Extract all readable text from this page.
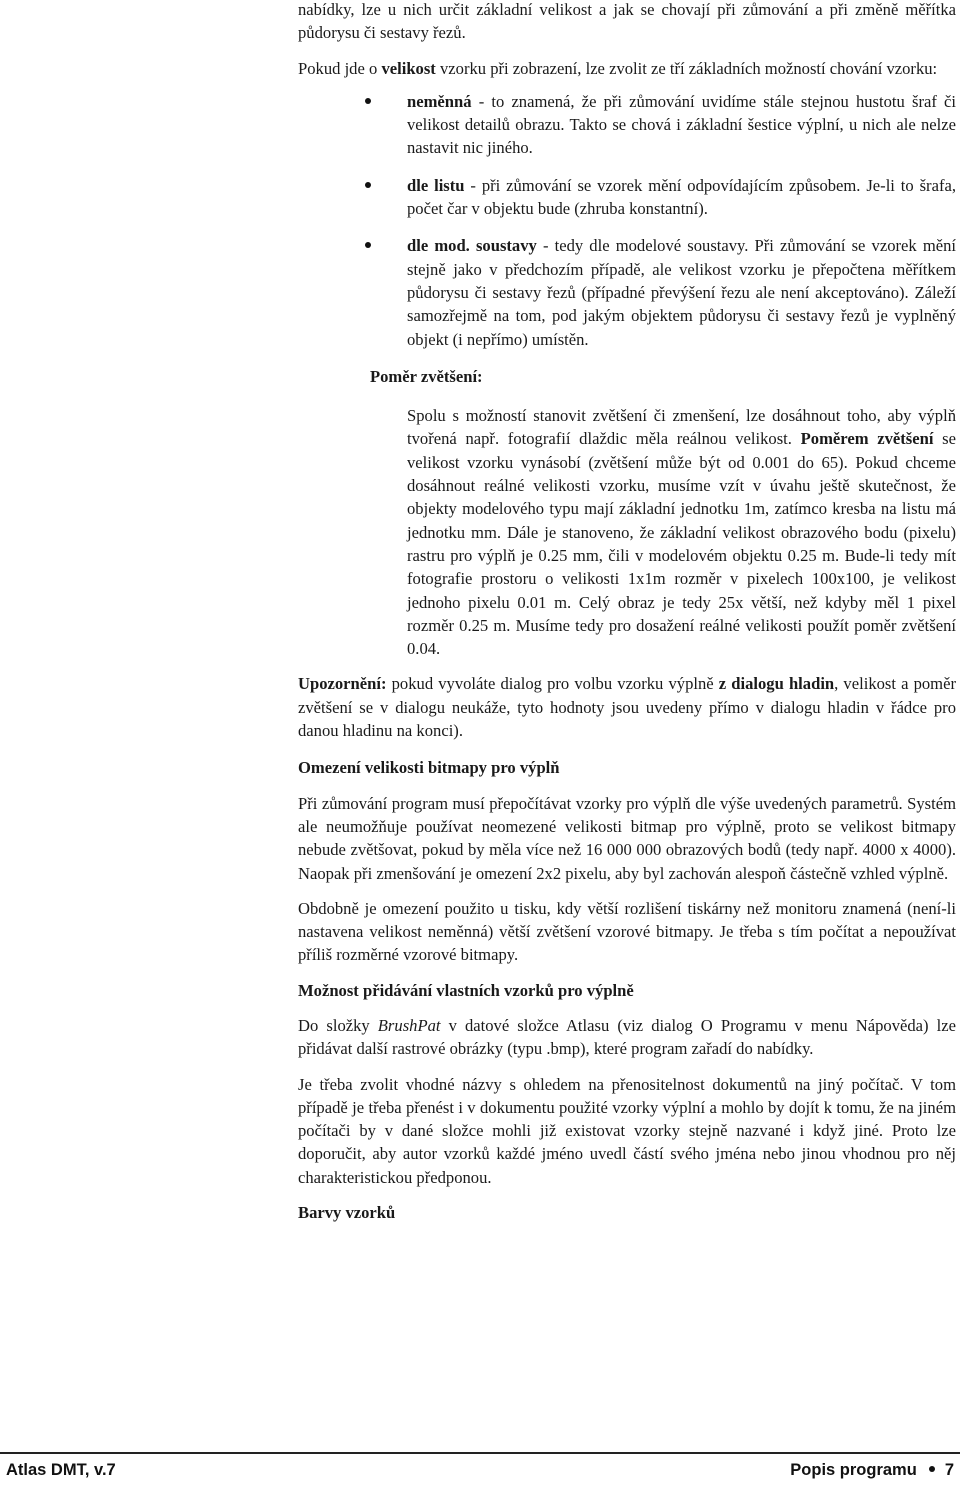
nabídky, lze u nich určit základní velikost a jak se chovají při zůmování a při změně měřítka půdorysu či sestavy řezů.

Pokud jde o velikost vzorku při zobrazení, lze zvolit ze tří základních možností chování vzorku:

neměnná - to znamená, že při zůmování uvidíme stále stejnou hustotu šraf či velikost detailů obrazu. Takto se chová i základní šestice výplní, u nich ale nelze nastavit nic jiného.
dle listu - při zůmování se vzorek mění odpovídajícím způsobem. Je-li to šrafa, počet čar v objektu bude (zhruba konstantní).
dle mod. soustavy - tedy dle modelové soustavy. Při zůmování se vzorek mění stejně jako v předchozím případě, ale velikost vzorku je přepočtena měřítkem půdorysu či sestavy řezů (případné převýšení řezu ale není akceptováno). Záleží samozřejmě na tom, pod jakým objektem půdorysu či sestavy řezů je vyplněný objekt (i nepřímo) umístěn.

Poměr zvětšení:

Spolu s možností stanovit zvětšení či zmenšení, lze dosáhnout toho, aby výplň tvořená např. fotografií dlaždic měla reálnou velikost. Poměrem zvětšení se velikost vzorku vynásobí (zvětšení může být od 0.001 do 65). Pokud chceme dosáhnout reálné velikosti vzorku, musíme vzít v úvahu ještě skutečnost, že objekty modelového typu mají základní jednotku 1m, zatímco kresba na listu má jednotku mm. Dále je stanoveno, že základní velikost obrazového bodu (pixelu) rastru pro výplň je 0.25 mm, čili v modelovém objektu 0.25 m. Bude-li tedy mít fotografie prostoru o velikosti 1x1m rozměr v pixelech 100x100, je velikost jednoho pixelu 0.01 m. Celý obraz je tedy 25x větší, než kdyby měl 1 pixel rozměr 0.25 m. Musíme tedy pro dosažení reálné velikosti použít poměr zvětšení 0.04.

Upozornění: pokud vyvoláte dialog pro volbu vzorku výplně z dialogu hladin, velikost a poměr zvětšení se v dialogu neukáže, tyto hodnoty jsou uvedeny přímo v dialogu hladin v řádce pro danou hladinu na konci).

Omezení velikosti bitmapy pro výplň

Při zůmování program musí přepočítávat vzorky pro výplň dle výše uvedených parametrů. Systém ale neumožňuje používat neomezené velikosti bitmap pro výplně, proto se velikost bitmapy nebude zvětšovat, pokud by měla více než 16 000 000 obrazových bodů (tedy např. 4000 x 4000). Naopak při zmenšování je omezení 2x2 pixelu, aby byl zachován alespoň částečně vzhled výplně.

Obdobně je omezení použito u tisku, kdy větší rozlišení tiskárny než monitoru znamená (není-li nastavena velikost neměnná) větší zvětšení vzorové bitmapy. Je třeba s tím počítat a nepoužívat příliš rozměrné vzorové bitmapy.

Možnost přidávání vlastních vzorků pro výplně

Do složky BrushPat v datové složce Atlasu (viz dialog O Programu v menu Nápověda) lze přidávat další rastrové obrázky (typu .bmp), které program zařadí do nabídky.

Je třeba zvolit vhodné názvy s ohledem na přenositelnost dokumentů na jiný počítač. V tom případě je třeba přenést i v dokumentu použité vzorky výplní a mohlo by dojít k tomu, že na jiném počítači by v dané složce mohli již existovat vzorky stejně nazvané i když jiné. Proto lze doporučit, aby autor vzorků každé jméno uvedl částí svého jména nebo jinou vhodnou pro něj charakteristickou předponou.

Barvy vzorků

Atlas DMT, v.7	Popis programu 7
